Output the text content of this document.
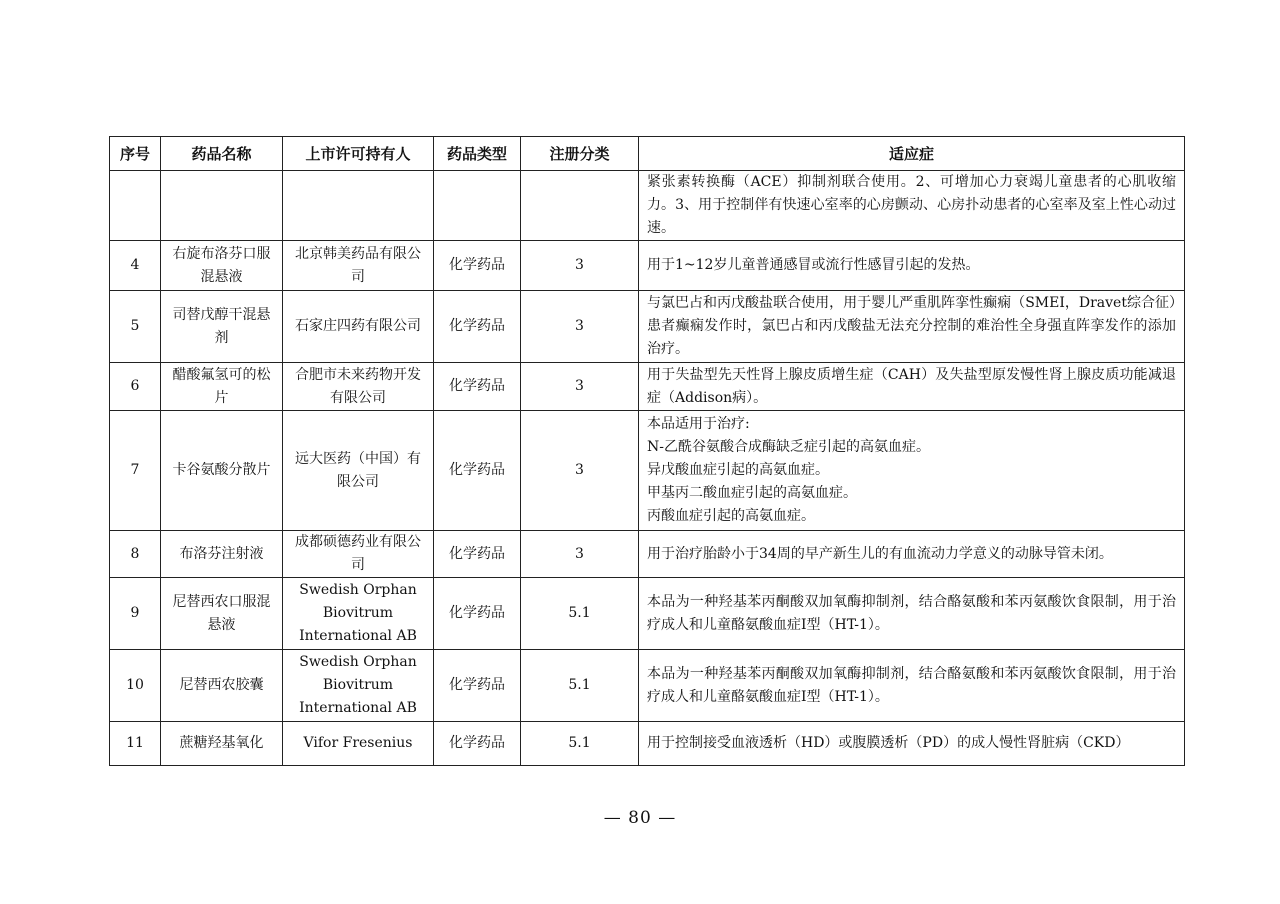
序号	药品名称	上市许可持有人	药品类型	注册分类	适应症
					紧张素转换酶（ACE）抑制剂联合使用。2、可增加心力衰竭儿童患者的心肌收缩力。3、用于控制伴有快速心室率的心房颤动、心房扑动患者的心室率及室上性心动过速。
4	右旋布洛芬口服混悬液	北京韩美药品有限公司	化学药品	3	用于1~12岁儿童普通感冒或流行性感冒引起的发热。
5	司替戊醇干混悬剂	石家庄四药有限公司	化学药品	3	与氯巴占和丙戊酸盐联合使用，用于婴儿严重肌阵挛性癫痫（SMEI，Dravet综合征）患者癫痫发作时，氯巴占和丙戊酸盐无法充分控制的难治性全身强直阵挛发作的添加治疗。
6	醋酸氟氢可的松片	合肥市未来药物开发有限公司	化学药品	3	用于失盐型先天性肾上腺皮质增生症（CAH）及失盐型原发慢性肾上腺皮质功能减退症（Addison病）。
7	卡谷氨酸分散片	远大医药（中国）有限公司	化学药品	3	本品适用于治疗:
N-乙酰谷氨酸合成酶缺乏症引起的高氨血症。
异戊酸血症引起的高氨血症。
甲基丙二酸血症引起的高氨血症。
丙酸血症引起的高氨血症。
8	布洛芬注射液	成都硕德药业有限公司	化学药品	3	用于治疗胎龄小于34周的早产新生儿的有血流动力学意义的动脉导管未闭。
9	尼替西农口服混悬液	Swedish Orphan
Biovitrum
International AB	化学药品	5.1	本品为一种羟基苯丙酮酸双加氧酶抑制剂，结合酪氨酸和苯丙氨酸饮食限制，用于治疗成人和儿童酪氨酸血症I型（HT-1）。
10	尼替西农胶囊	Swedish Orphan
Biovitrum
International AB	化学药品	5.1	本品为一种羟基苯丙酮酸双加氧酶抑制剂，结合酪氨酸和苯丙氨酸饮食限制，用于治疗成人和儿童酪氨酸血症I型（HT-1）。
11	蔗糖羟基氧化	Vifor Fresenius	化学药品	5.1	用于控制接受血液透析（HD）或腹膜透析（PD）的成人慢性肾脏病（CKD）
— 80 —
